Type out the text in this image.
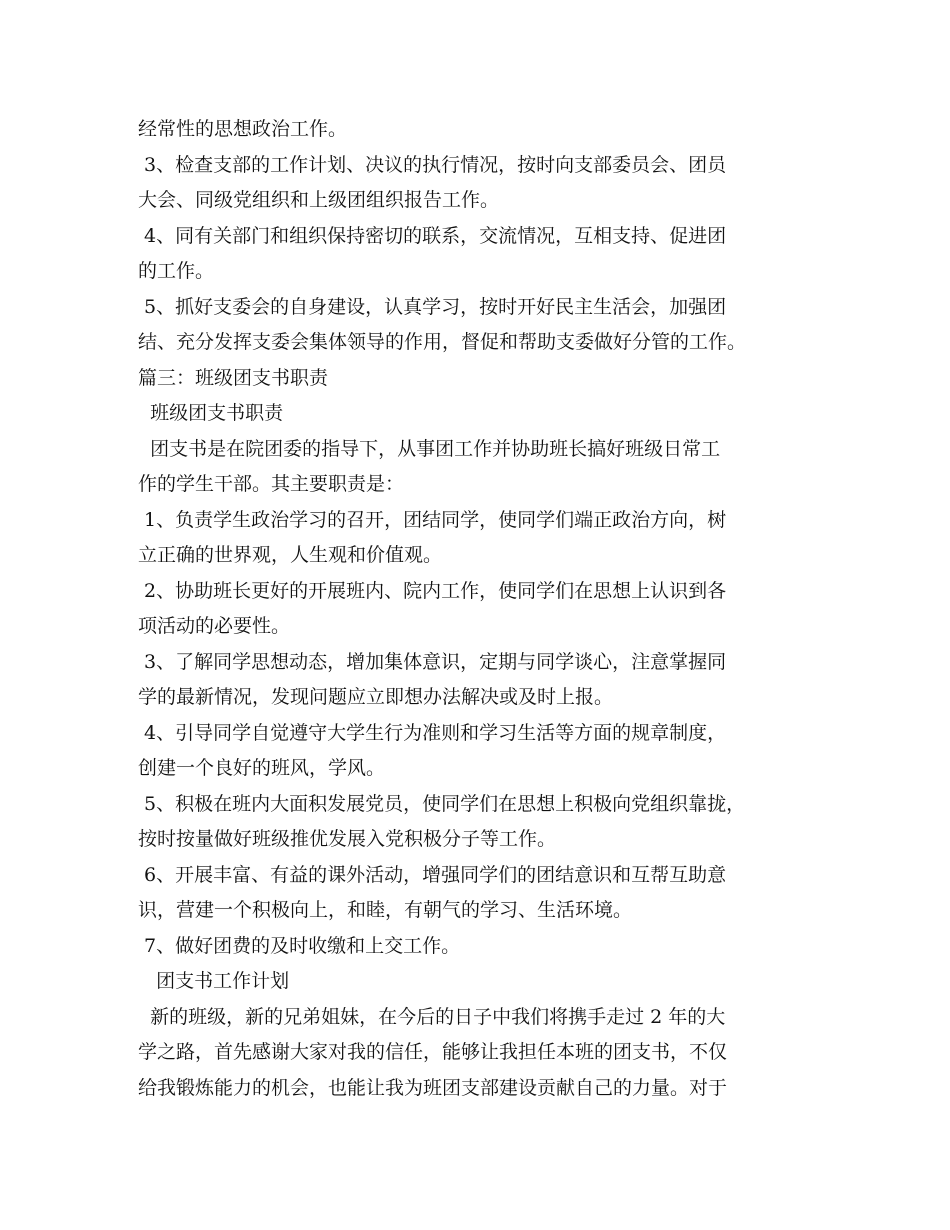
经常性的思想政治工作。
3、检查支部的工作计划、决议的执行情况，按时向支部委员会、团员
大会、同级党组织和上级团组织报告工作。
4、同有关部门和组织保持密切的联系，交流情况，互相支持、促进团
的工作。
5、抓好支委会的自身建设，认真学习，按时开好民主生活会，加强团
结、充分发挥支委会集体领导的作用，督促和帮助支委做好分管的工作。
篇三：班级团支书职责
班级团支书职责
团支书是在院团委的指导下，从事团工作并协助班长搞好班级日常工
作的学生干部。其主要职责是：
1、负责学生政治学习的召开，团结同学，使同学们端正政治方向，树
立正确的世界观，人生观和价值观。
2、协助班长更好的开展班内、院内工作，使同学们在思想上认识到各
项活动的必要性。
3、了解同学思想动态，增加集体意识，定期与同学谈心，注意掌握同
学的最新情况，发现问题应立即想办法解决或及时上报。
4、引导同学自觉遵守大学生行为准则和学习生活等方面的规章制度，
创建一个良好的班风，学风。
5、积极在班内大面积发展党员，使同学们在思想上积极向党组织靠拢，
按时按量做好班级推优发展入党积极分子等工作。
6、开展丰富、有益的课外活动，增强同学们的团结意识和互帮互助意
识，营建一个积极向上，和睦，有朝气的学习、生活环境。
7、做好团费的及时收缴和上交工作。
团支书工作计划
新的班级，新的兄弟姐妹，在今后的日子中我们将携手走过 2 年的大
学之路，首先感谢大家对我的信任，能够让我担任本班的团支书，不仅
给我锻炼能力的机会，也能让我为班团支部建设贡献自己的力量。对于
